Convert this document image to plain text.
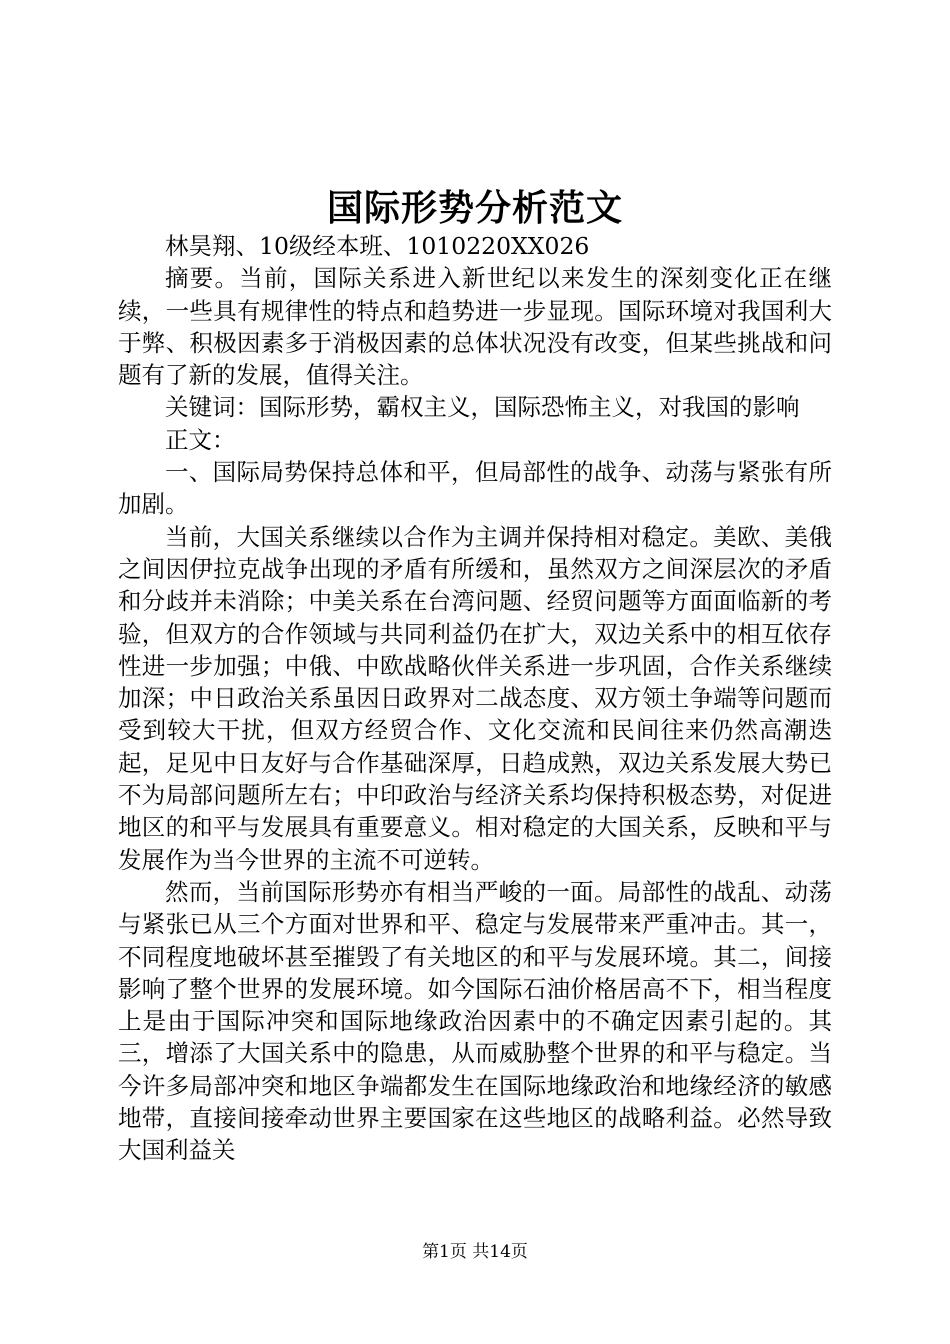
国际形势分析范文

林昊翔、10级经本班、1010220XX026

摘要。当前，国际关系进入新世纪以来发生的深刻变化正在继续，一些具有规律性的特点和趋势进一步显现。国际环境对我国利大于弊、积极因素多于消极因素的总体状况没有改变，但某些挑战和问题有了新的发展，值得关注。

关键词：国际形势，霸权主义，国际恐怖主义，对我国的影响

正文：

一、国际局势保持总体和平，但局部性的战争、动荡与紧张有所加剧。

当前，大国关系继续以合作为主调并保持相对稳定。美欧、美俄之间因伊拉克战争出现的矛盾有所缓和，虽然双方之间深层次的矛盾和分歧并未消除；中美关系在台湾问题、经贸问题等方面面临新的考验，但双方的合作领域与共同利益仍在扩大，双边关系中的相互依存性进一步加强；中俄、中欧战略伙伴关系进一步巩固，合作关系继续加深；中日政治关系虽因日政界对二战态度、双方领土争端等问题而受到较大干扰，但双方经贸合作、文化交流和民间往来仍然高潮迭起，足见中日友好与合作基础深厚，日趋成熟，双边关系发展大势已不为局部问题所左右；中印政治与经济关系均保持积极态势，对促进地区的和平与发展具有重要意义。相对稳定的大国关系，反映和平与发展作为当今世界的主流不可逆转。

然而，当前国际形势亦有相当严峻的一面。局部性的战乱、动荡与紧张已从三个方面对世界和平、稳定与发展带来严重冲击。其一，不同程度地破坏甚至摧毁了有关地区的和平与发展环境。其二，间接影响了整个世界的发展环境。如今国际石油价格居高不下，相当程度上是由于国际冲突和国际地缘政治因素中的不确定因素引起的。其三，增添了大国关系中的隐患，从而威胁整个世界的和平与稳定。当今许多局部冲突和地区争端都发生在国际地缘政治和地缘经济的敏感地带，直接间接牵动世界主要国家在这些地区的战略利益。必然导致大国利益关

第1页 共14页
